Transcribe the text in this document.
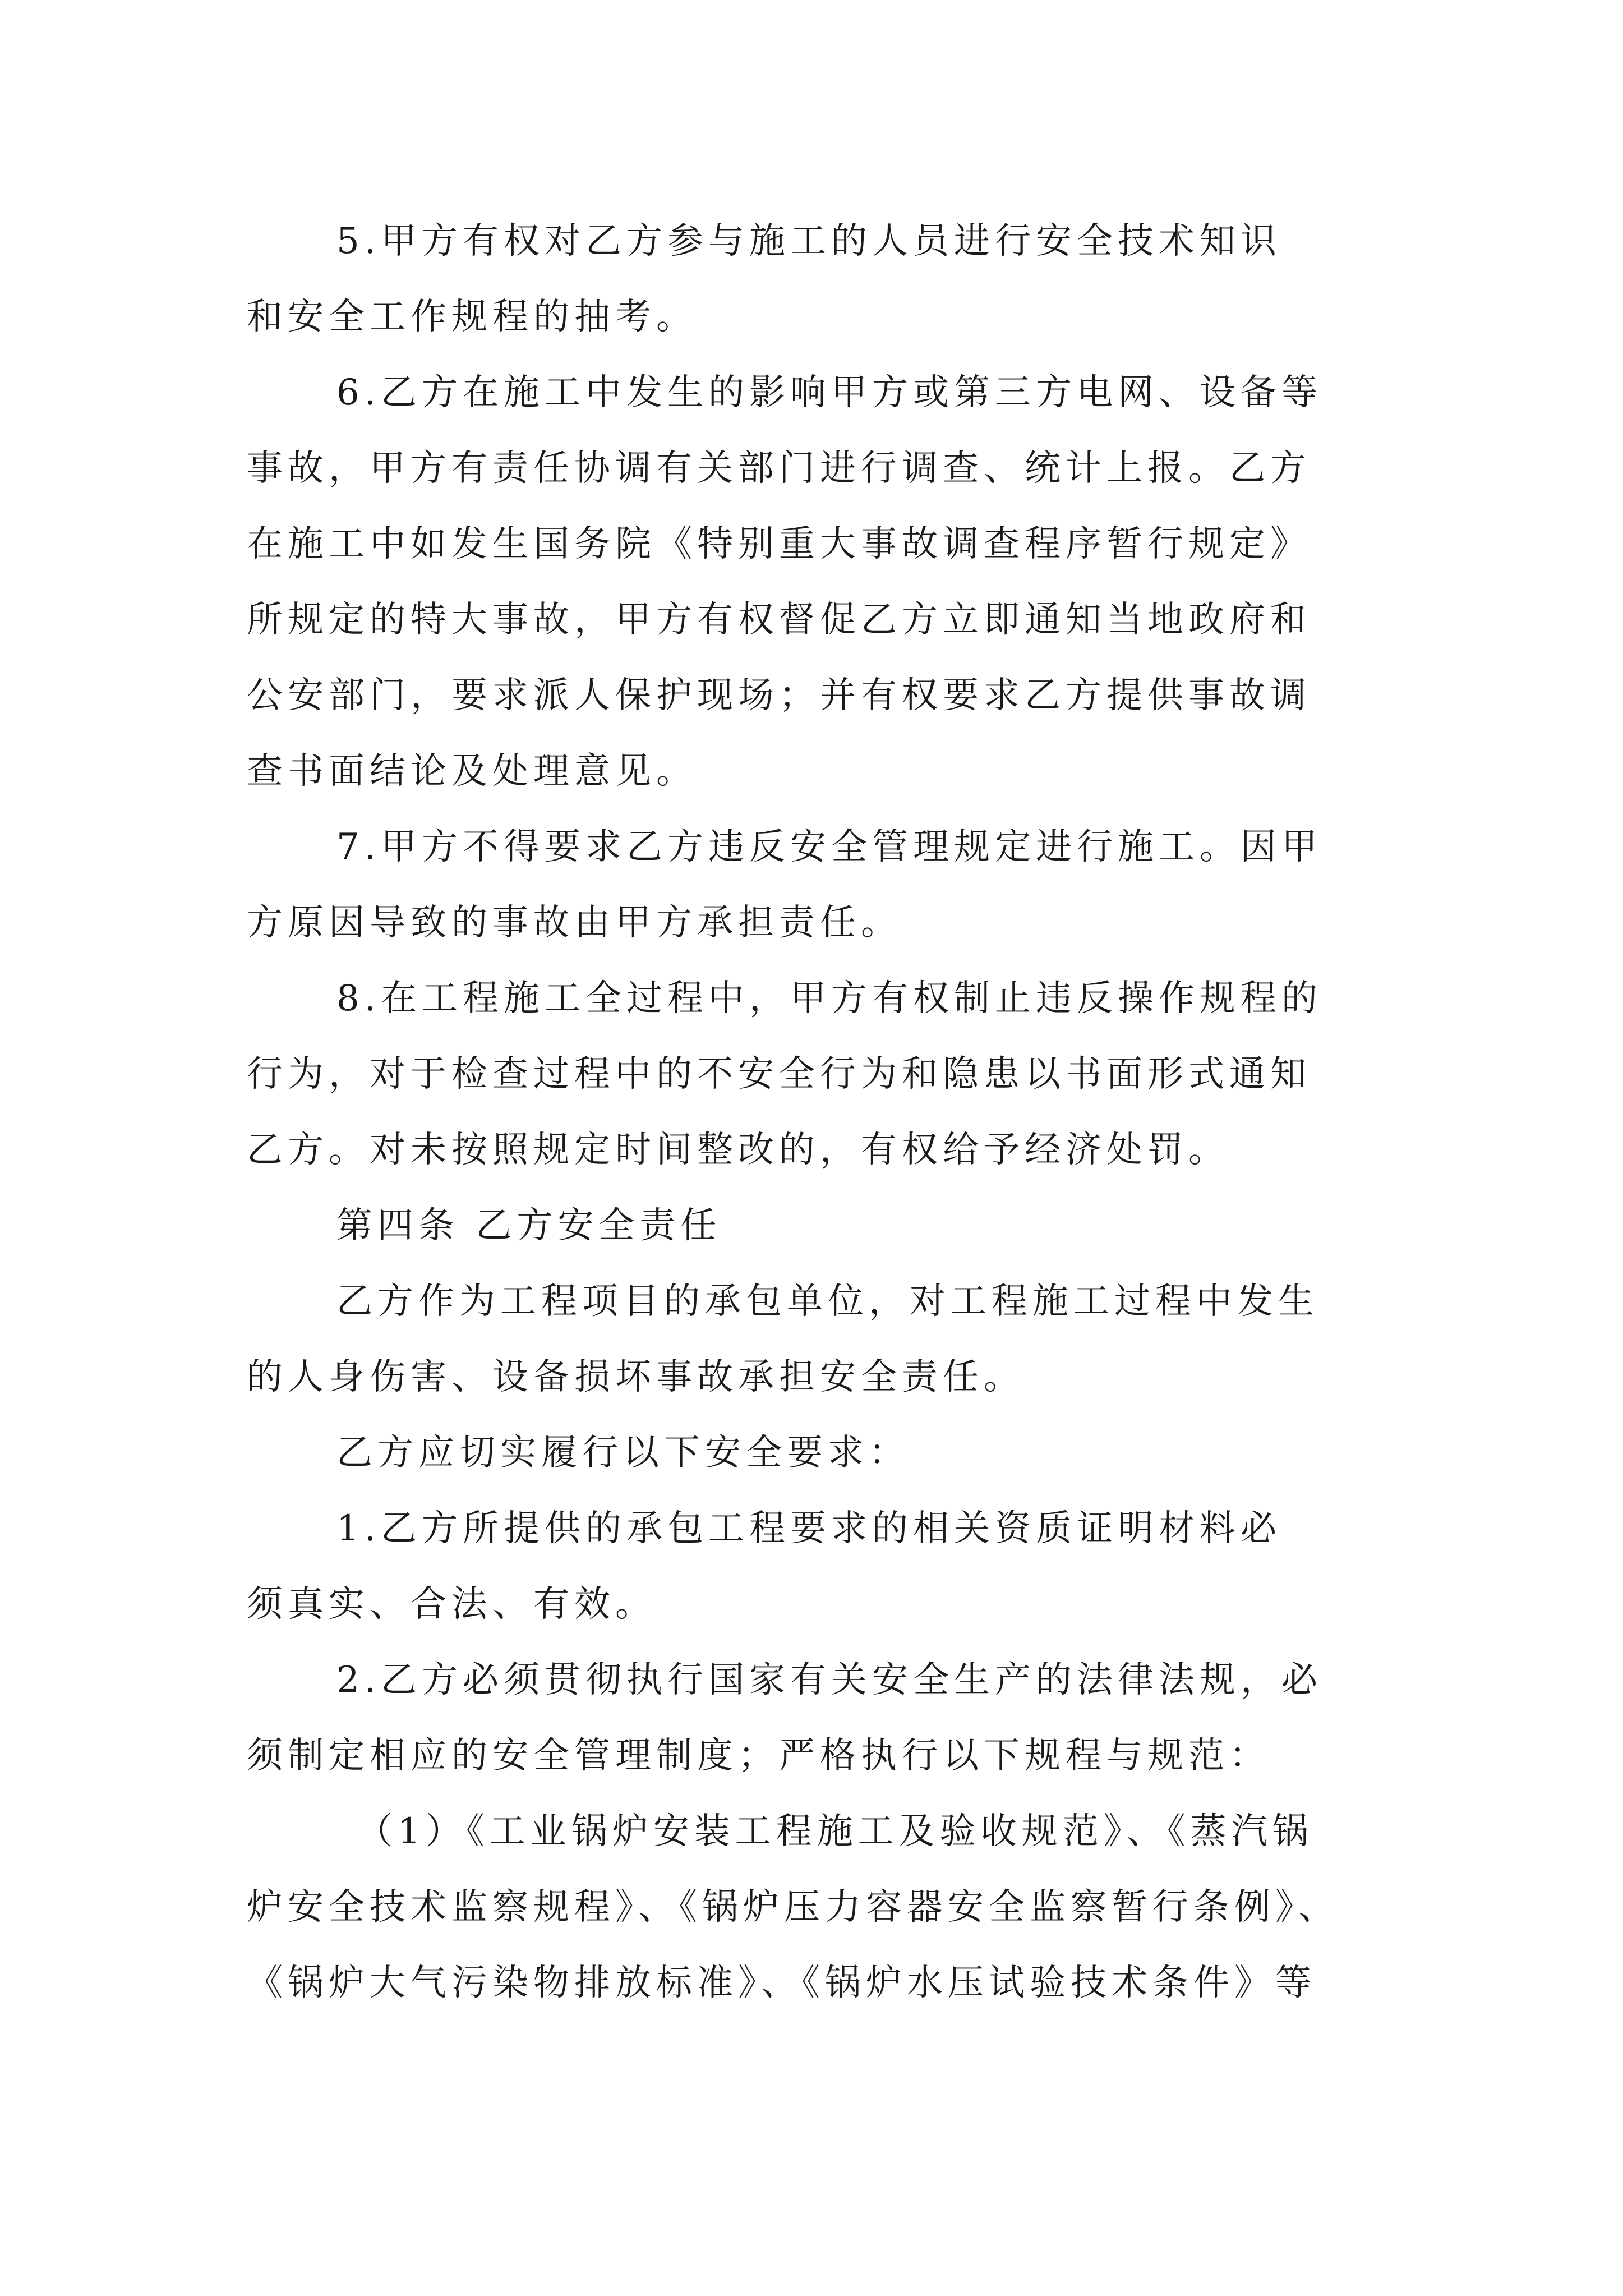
5.甲方有权对乙方参与施工的人员进行安全技术知识
和安全工作规程的抽考。
6.乙方在施工中发生的影响甲方或第三方电网、设备等
事故，甲方有责任协调有关部门进行调查、统计上报。乙方
在施工中如发生国务院《特别重大事故调查程序暂行规定》
所规定的特大事故，甲方有权督促乙方立即通知当地政府和
公安部门，要求派人保护现场；并有权要求乙方提供事故调
查书面结论及处理意见。
7.甲方不得要求乙方违反安全管理规定进行施工。因甲
方原因导致的事故由甲方承担责任。
8.在工程施工全过程中，甲方有权制止违反操作规程的
行为，对于检查过程中的不安全行为和隐患以书面形式通知
乙方。对未按照规定时间整改的，有权给予经济处罚。
第四条 乙方安全责任
乙方作为工程项目的承包单位，对工程施工过程中发生
的人身伤害、设备损坏事故承担安全责任。
乙方应切实履行以下安全要求：
1.乙方所提供的承包工程要求的相关资质证明材料必
须真实、合法、有效。
2.乙方必须贯彻执行国家有关安全生产的法律法规，必
须制定相应的安全管理制度；严格执行以下规程与规范：
（1）《工业锅炉安装工程施工及验收规范》、《蒸汽锅
炉安全技术监察规程》、《锅炉压力容器安全监察暂行条例》、
《锅炉大气污染物排放标准》、《锅炉水压试验技术条件》等
